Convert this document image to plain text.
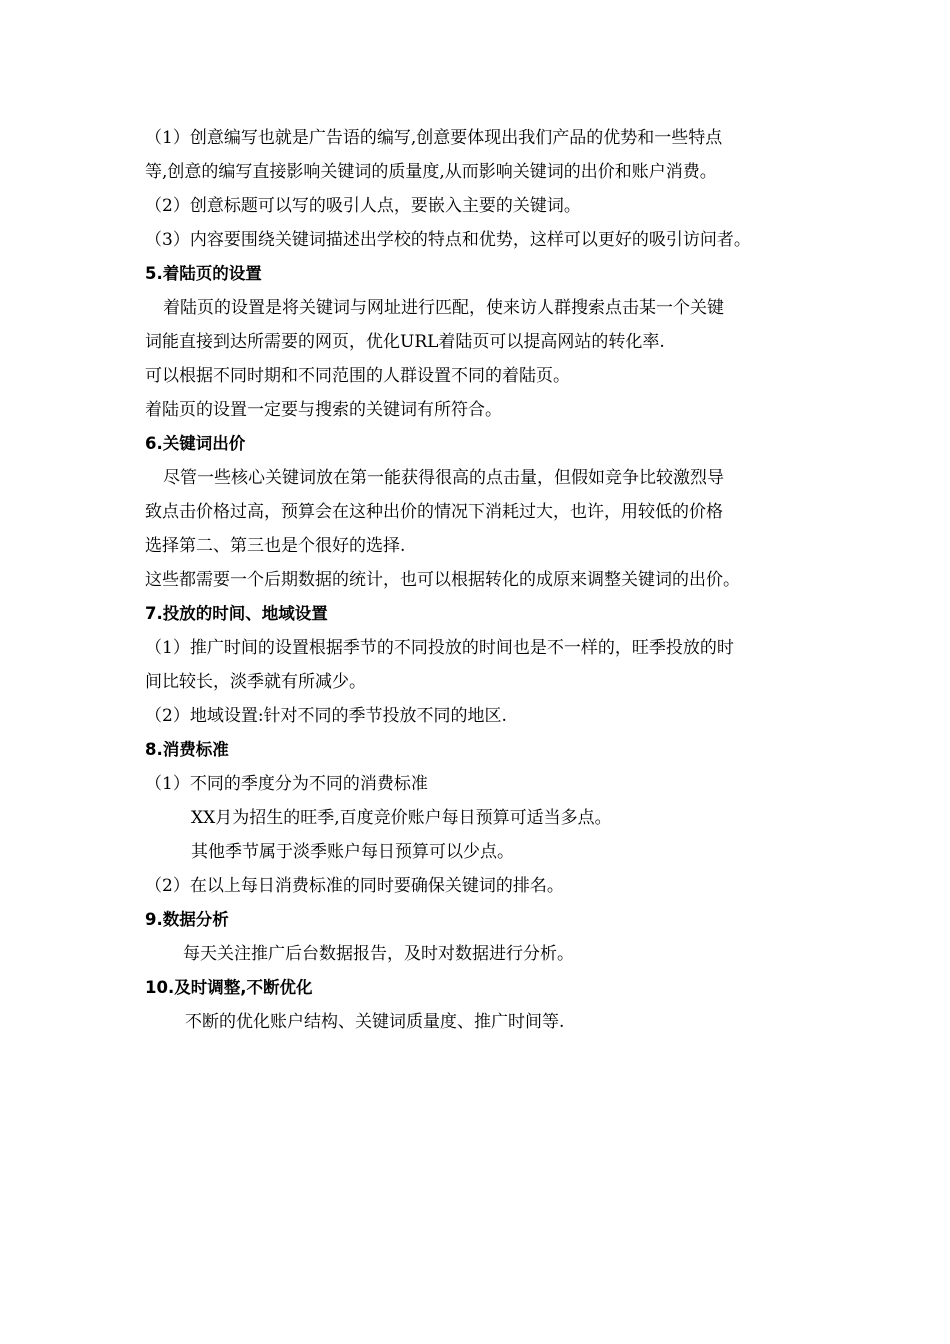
（1）创意编写也就是广告语的编写,创意要体现出我们产品的优势和一些特点
等,创意的编写直接影响关键词的质量度,从而影响关键词的出价和账户消费。
（2）创意标题可以写的吸引人点，要嵌入主要的关键词。
（3）内容要围绕关键词描述出学校的特点和优势，这样可以更好的吸引访问者。
5.着陆页的设置
着陆页的设置是将关键词与网址进行匹配，使来访人群搜索点击某一个关键
词能直接到达所需要的网页，优化URL着陆页可以提高网站的转化率.
可以根据不同时期和不同范围的人群设置不同的着陆页。
着陆页的设置一定要与搜索的关键词有所符合。
6.关键词出价
尽管一些核心关键词放在第一能获得很高的点击量，但假如竞争比较激烈导
致点击价格过高，预算会在这种出价的情况下消耗过大，也许，用较低的价格
选择第二、第三也是个很好的选择.
这些都需要一个后期数据的统计，也可以根据转化的成原来调整关键词的出价。
7.投放的时间、地域设置
（1）推广时间的设置根据季节的不同投放的时间也是不一样的，旺季投放的时
间比较长，淡季就有所减少。
（2）地域设置:针对不同的季节投放不同的地区.
8.消费标准
（1）不同的季度分为不同的消费标准
XX月为招生的旺季,百度竞价账户每日预算可适当多点。
其他季节属于淡季账户每日预算可以少点。
（2）在以上每日消费标准的同时要确保关键词的排名。
9.数据分析
每天关注推广后台数据报告，及时对数据进行分析。
10.及时调整,不断优化
不断的优化账户结构、关键词质量度、推广时间等.
